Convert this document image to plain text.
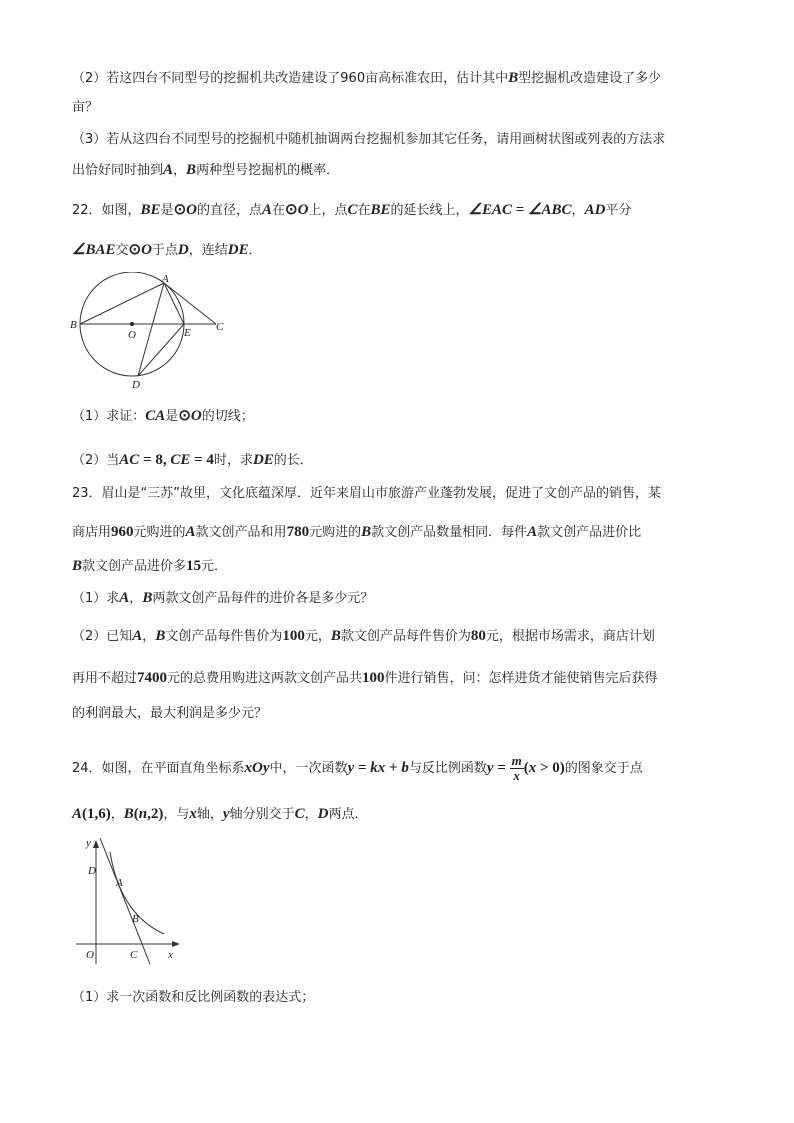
（2）若这四台不同型号的挖掘机共改造建设了960亩高标准农田，估计其中B型挖掘机改造建设了多少
亩？
（3）若从这四台不同型号的挖掘机中随机抽调两台挖掘机参加其它任务，请用画树状图或列表的方法求
出恰好同时抽到A，B两种型号挖掘机的概率．
22．如图，BE是⊙O的直径，点A在⊙O上，点C在BE的延长线上，∠EAC = ∠ABC，AD平分
∠BAE交⊙O于点D，连结DE．
A
B
O	E C
D
（1）求证：CA是⊙O的切线；
（2）当AC = 8, CE = 4时，求DE的长．
23．眉山是“三苏”故里，文化底蕴深厚．近年来眉山市旅游产业蓬勃发展，促进了文创产品的销售，某
商店用960元购进的A款文创产品和用780元购进的B款文创产品数量相同．每件A款文创产品进价比
B款文创产品进价多15元．
（1）求A，B两款文创产品每件的进价各是多少元？
（2）已知A，B文创产品每件售价为100元，B款文创产品每件售价为80元，根据市场需求，商店计划
再用不超过7400元的总费用购进这两款文创产品共100件进行销售，问：怎样进货才能使销售完后获得
的利润最大，最大利润是多少元？
24．如图，在平面直角坐标系xOy中，一次函数y = kx + b与反比例函数$y = \frac{m}{x} (x > 0)$的图象交于点
A(1,6)，B(n,2)，与x轴，y轴分别交于C，D两点．
y
x
O
D
A
B
C
（1）求一次函数和反比例函数的表达式；
